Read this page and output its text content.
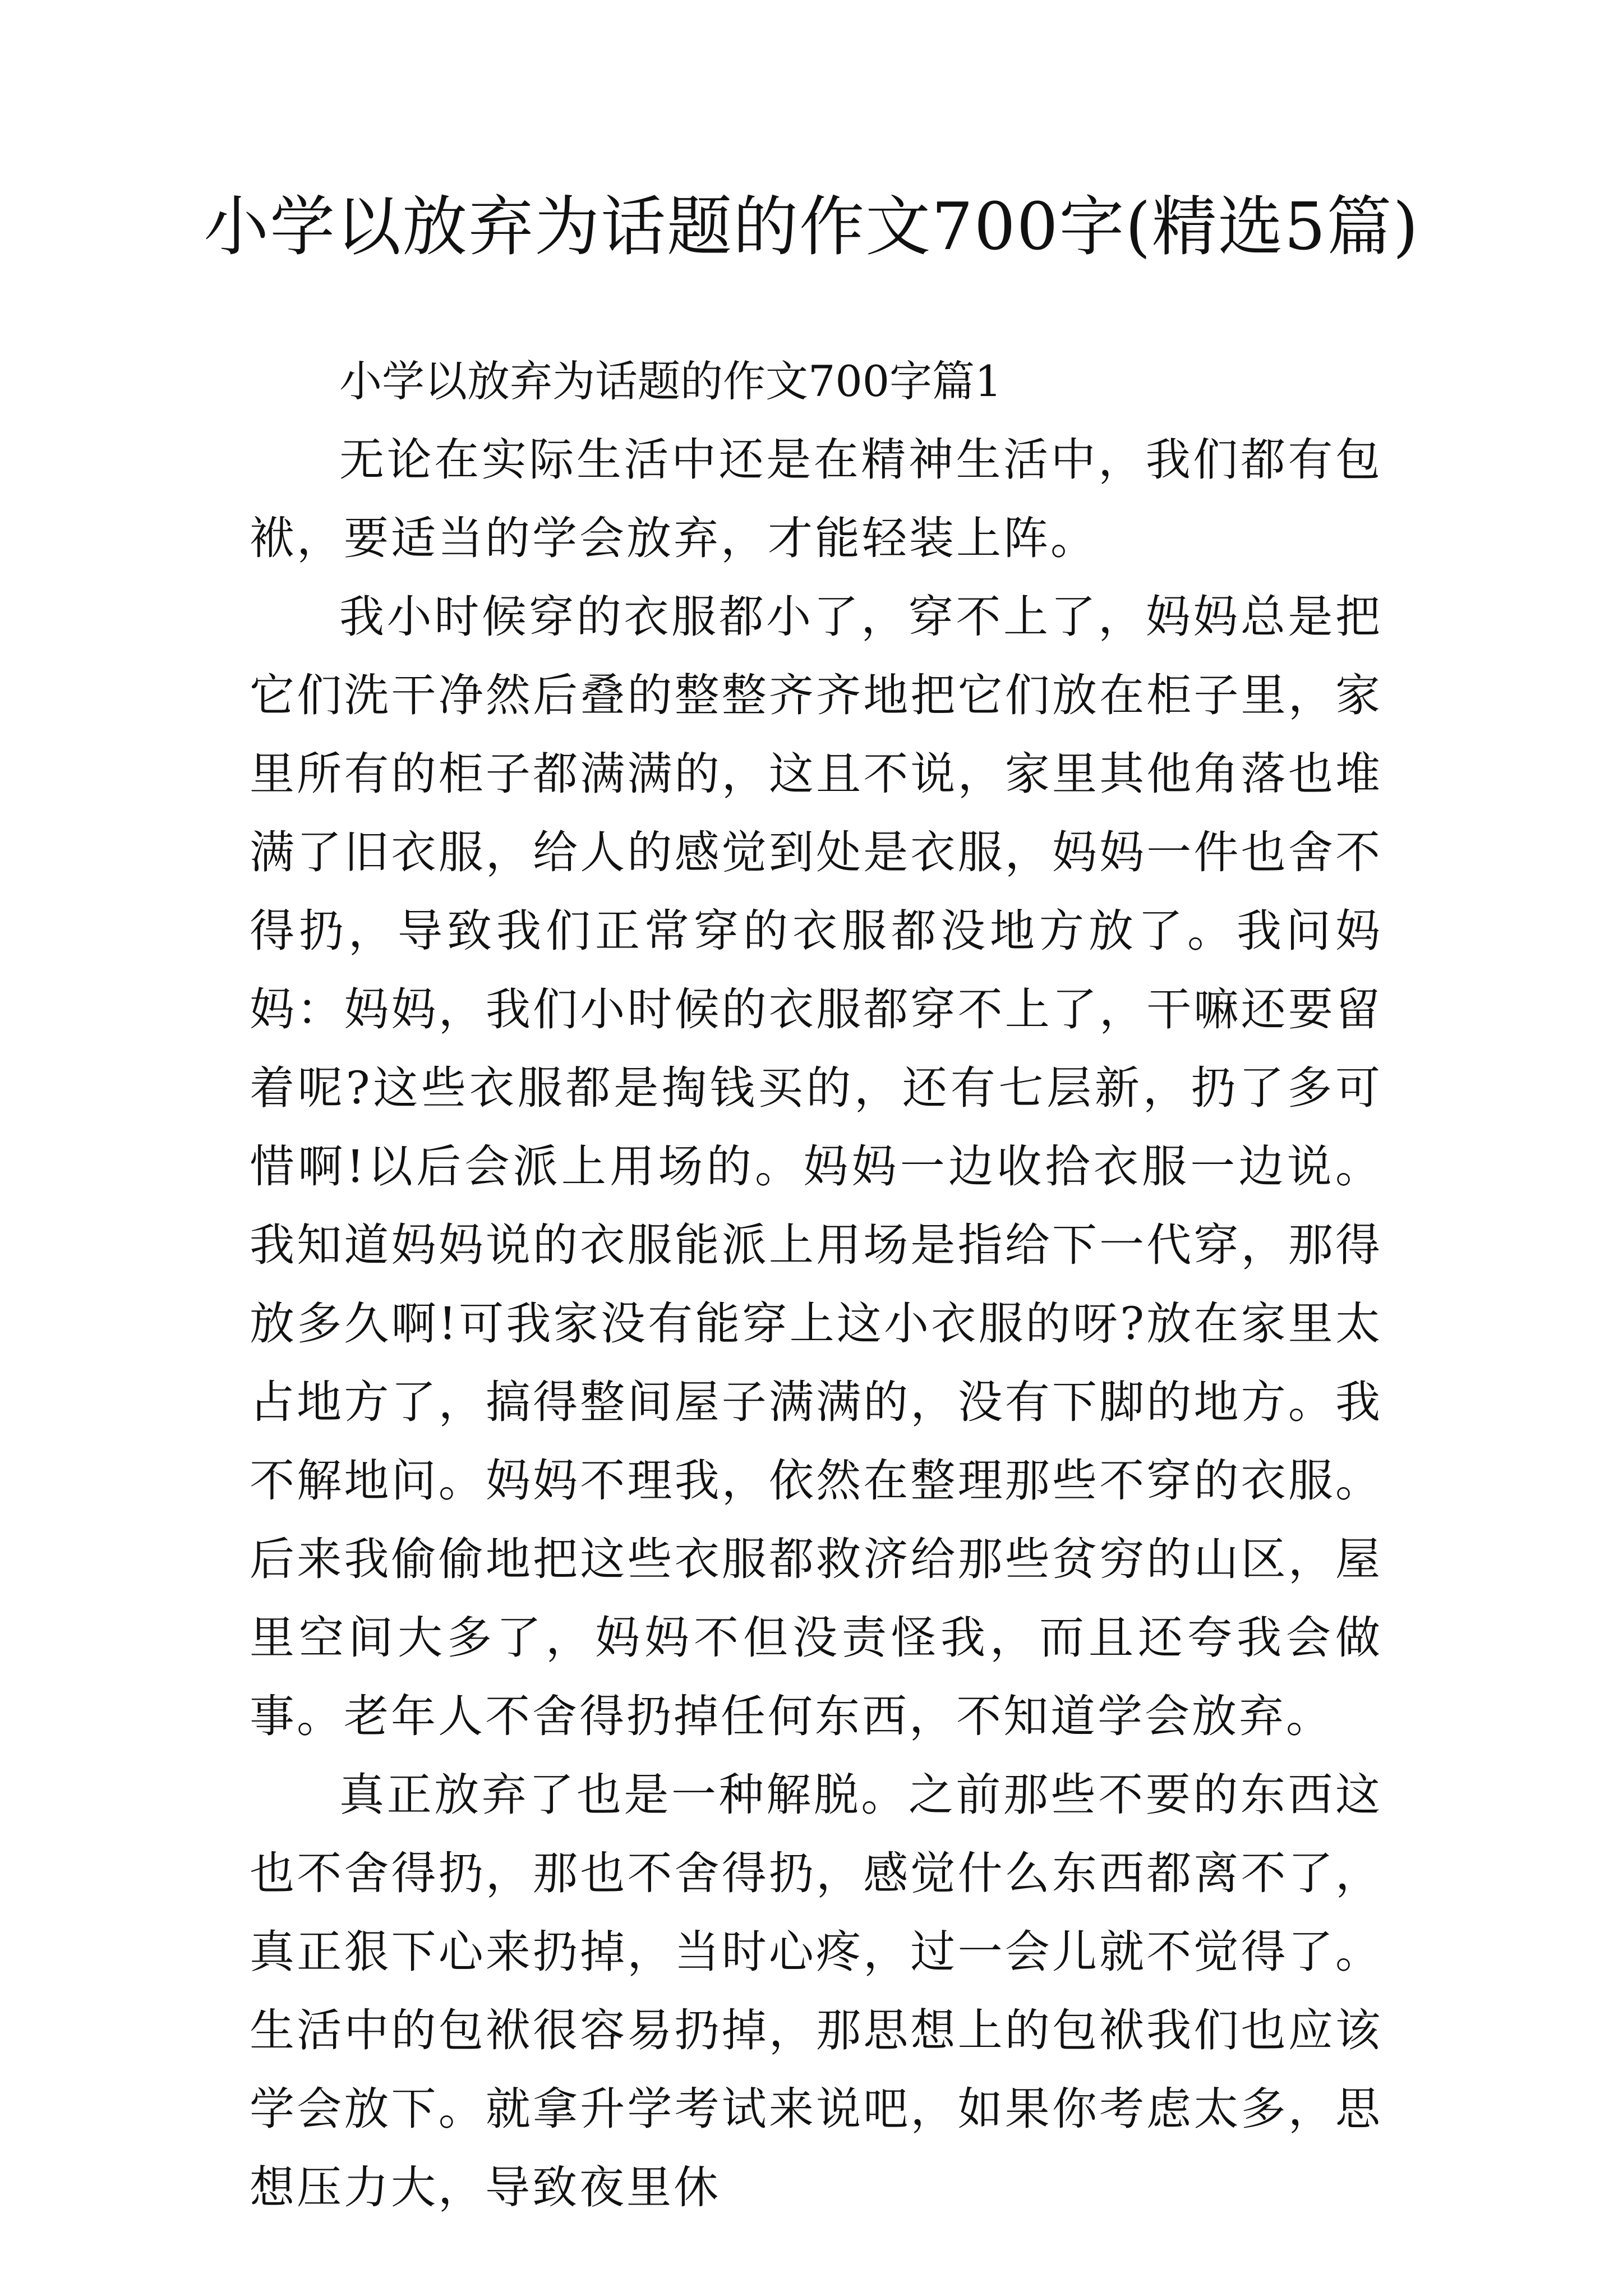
小学以放弃为话题的作文700字(精选5篇)
小学以放弃为话题的作文700字篇1

无论在实际生活中还是在精神生活中，我们都有包袱，要适当的学会放弃，才能轻装上阵。

我小时候穿的衣服都小了，穿不上了，妈妈总是把它们洗干净然后叠的整整齐齐地把它们放在柜子里，家里所有的柜子都满满的，这且不说，家里其他角落也堆满了旧衣服，给人的感觉到处是衣服，妈妈一件也舍不得扔，导致我们正常穿的衣服都没地方放了。我问妈妈：妈妈，我们小时候的衣服都穿不上了，干嘛还要留着呢?这些衣服都是掏钱买的，还有七层新，扔了多可惜啊!以后会派上用场的。妈妈一边收拾衣服一边说。我知道妈妈说的衣服能派上用场是指给下一代穿，那得放多久啊!可我家没有能穿上这小衣服的呀?放在家里太占地方了，搞得整间屋子满满的，没有下脚的地方。我不解地问。妈妈不理我，依然在整理那些不穿的衣服。后来我偷偷地把这些衣服都救济给那些贫穷的山区，屋里空间大多了，妈妈不但没责怪我，而且还夸我会做事。老年人不舍得扔掉任何东西，不知道学会放弃。

真正放弃了也是一种解脱。之前那些不要的东西这也不舍得扔，那也不舍得扔，感觉什么东西都离不了，真正狠下心来扔掉，当时心疼，过一会儿就不觉得了。生活中的包袱很容易扔掉，那思想上的包袱我们也应该学会放下。就拿升学考试来说吧，如果你考虑太多，思想压力大，导致夜里休
